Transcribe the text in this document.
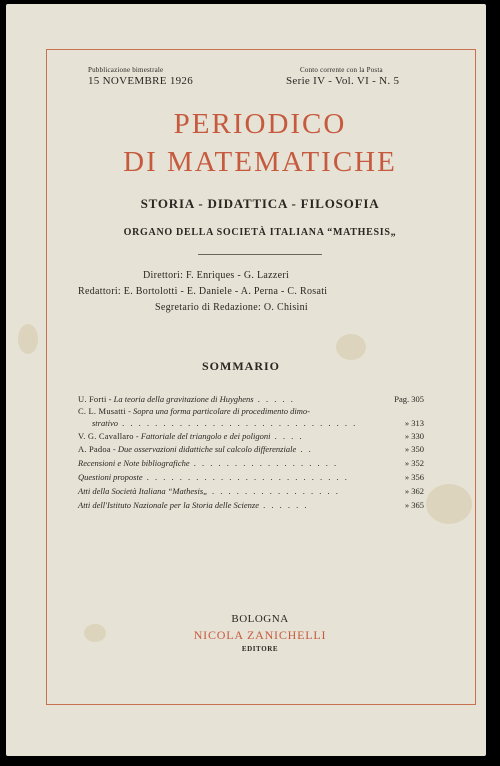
Pubblicazione bimestrale
15 NOVEMBRE 1926
Conto corrente con la Posta
Serie IV - Vol. VI - N. 5
PERIODICO
DI MATEMATICHE
STORIA - DIDATTICA - FILOSOFIA
ORGANO DELLA SOCIETÀ ITALIANA “MATHESIS„
Direttori: F. Enriques - G. Lazzeri
Redattori: E. Bortolotti - E. Daniele - A. Perna - C. Rosati
Segretario di Redazione: O. Chisini
SOMMARIO
U. Forti - La teoria della gravitazione di Huyghens . . . . .	Pag. 305
C. L. Musatti - Sopra una forma particolare di procedimento dimo-
strativo . . . . . . . . . . . . . . . . . . . . . . . . . . . . .	» 313
V. G. Cavallaro - Fattoriale del triangolo e dei poligoni . . . .	» 330
A. Padoa - Due osservazioni didattiche sul calcolo differenziale . .	» 350
Recensioni e Note bibliografiche . . . . . . . . . . . . . . . . . .	» 352
Questioni proposte . . . . . . . . . . . . . . . . . . . . . . . . .	» 356
Atti della Società Italiana “Mathesis„ . . . . . . . . . . . . . . . .	» 362
Atti dell'Istituto Nazionale per la Storia delle Scienze . . . . . .	» 365
BOLOGNA
NICOLA ZANICHELLI
EDITORE
